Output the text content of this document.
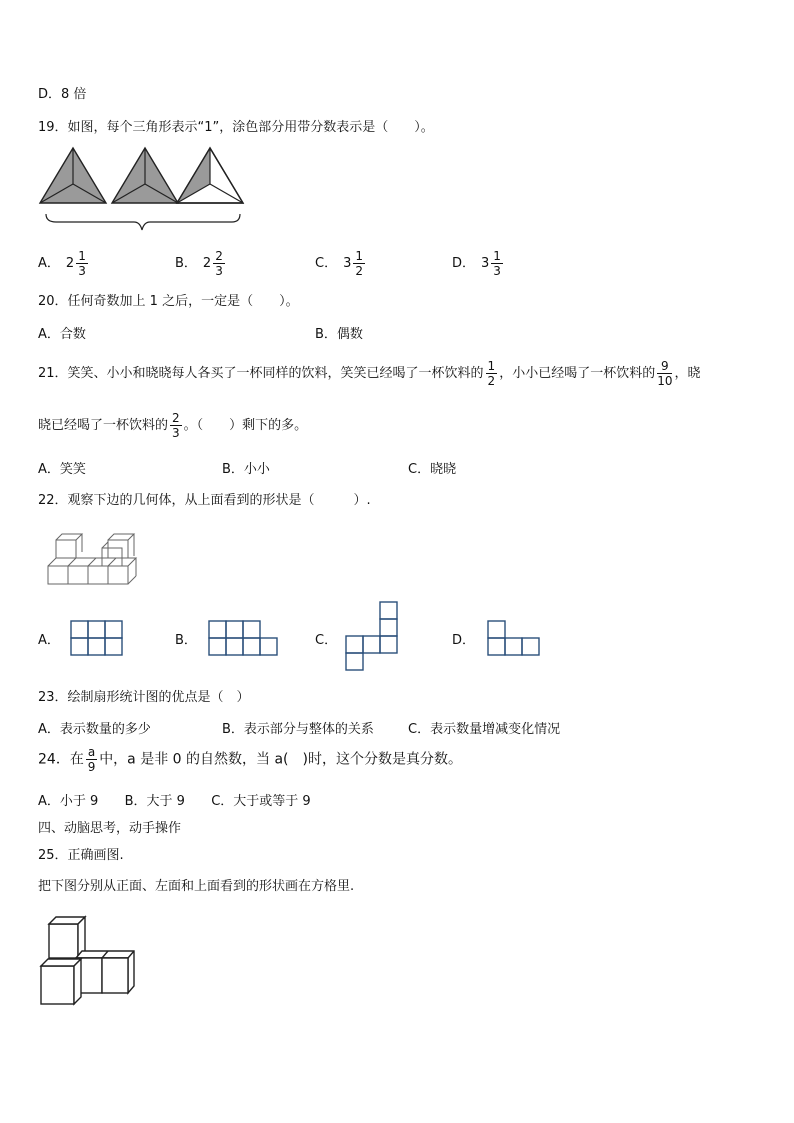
D．8 倍
19．如图，每个三角形表示“1”，涂色部分用带分数表示是（　　）。
A． $2 \frac{1}{3}$	B． $2 \frac{2}{3}$	C． $3 \frac{1}{2}$	D． $3 \frac{1}{3}$
20．任何奇数加上 1 之后，一定是（　　）。
A．合数	B．偶数
21．笑笑、小小和晓晓每人各买了一杯同样的饮料，笑笑已经喝了一杯饮料的 $\frac{1}{2}$ ，小小已经喝了一杯饮料的 $\frac{9}{10}$ ，晓
晓已经喝了一杯饮料的 $\frac{2}{3}$ 。（　　）剩下的多。
A．笑笑	B．小小	C．晓晓
22．观察下边的几何体，从上面看到的形状是（　　　）.
A．	B．	C．	D．
23．绘制扇形统计图的优点是（　）
A．表示数量的多少	B．表示部分与整体的关系	C．表示数量增减变化情况
24．在 $\frac{a}{9}$ 中，a 是非 0 的自然数，当 a(　)时，这个分数是真分数。
A．小于 9 B．大于 9 C．大于或等于 9
四、动脑思考，动手操作
25．正确画图.
把下图分别从正面、左面和上面看到的形状画在方格里.
